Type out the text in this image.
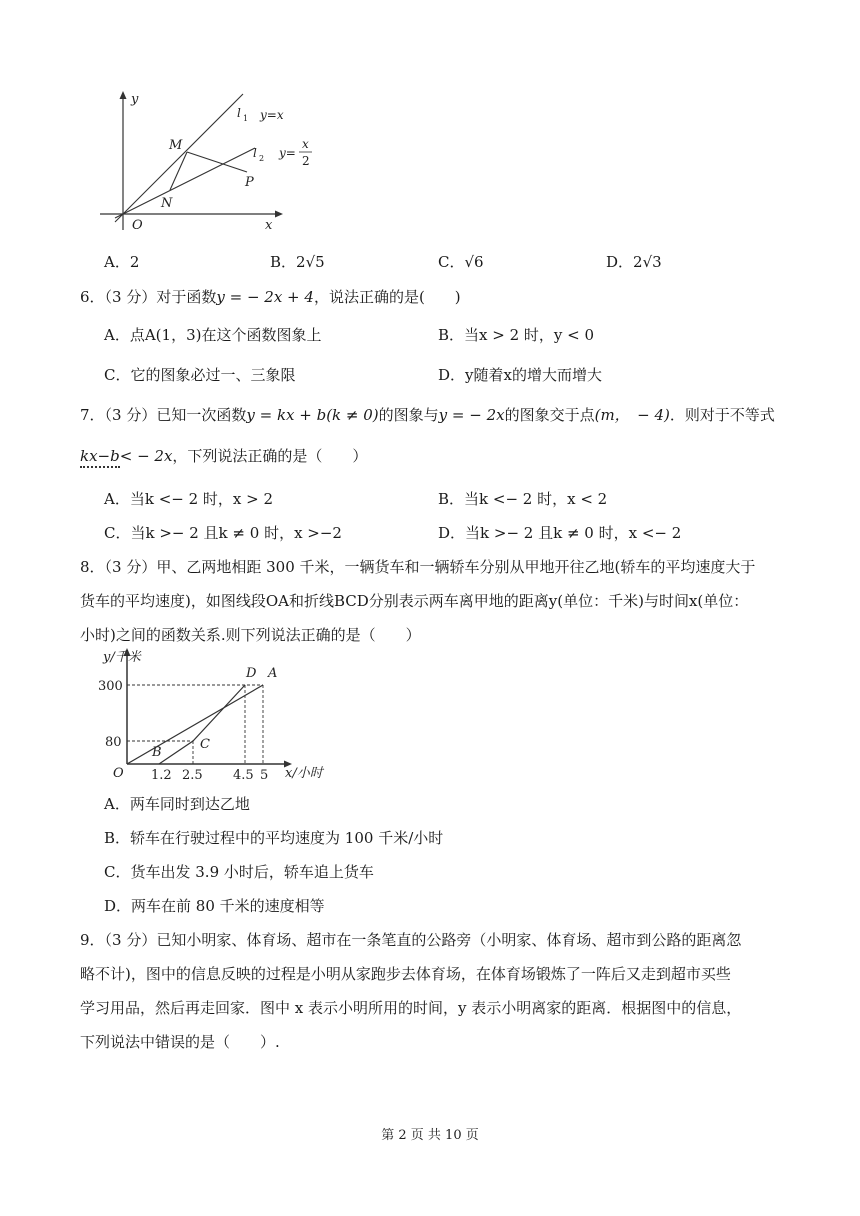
y
x
O
M
N
P
l 1 y=x
l 2 y=
x
2
A．2	B．2√5	C．√6	D．2√3
6．（3 分）对于函数y = − 2x + 4，说法正确的是(　　)
A．点A(1，3)在这个函数图象上	B．当x > 2 时，y < 0
C．它的图象必过一、三象限	D．y随着x的增大而增大
7．（3 分）已知一次函数y = kx + b(k ≠ 0)的图象与y = − 2x的图象交于点(m，　− 4)．则对于不等式
kx−b< − 2x，下列说法正确的是（　　）
A．当k <− 2 时，x > 2	B．当k <− 2 时，x < 2
C．当k >− 2 且k ≠ 0 时，x >−2	D．当k >− 2 且k ≠ 0 时，x <− 2
8．（3 分）甲、乙两地相距 300 千米，一辆货车和一辆轿车分别从甲地开往乙地(轿车的平均速度大于
货车的平均速度)，如图线段OA和折线BCD分别表示两车离甲地的距离y(单位：千米)与时间x(单位：
小时)之间的函数关系.则下列说法正确的是（　　）
y/千米
x/小时
O
300
80
1.2 2.5 4.5 5
D A
B
C
A．两车同时到达乙地
B．轿车在行驶过程中的平均速度为 100 千米/小时
C．货车出发 3.9 小时后，轿车追上货车
D．两车在前 80 千米的速度相等
9．（3 分）已知小明家、体育场、超市在一条笔直的公路旁（小明家、体育场、超市到公路的距离忽
略不计)，图中的信息反映的过程是小明从家跑步去体育场，在体育场锻炼了一阵后又走到超市买些
学习用品，然后再走回家．图中 x 表示小明所用的时间，y 表示小明离家的距离．根据图中的信息，
下列说法中错误的是（　　）.
第 2 页 共 10 页
